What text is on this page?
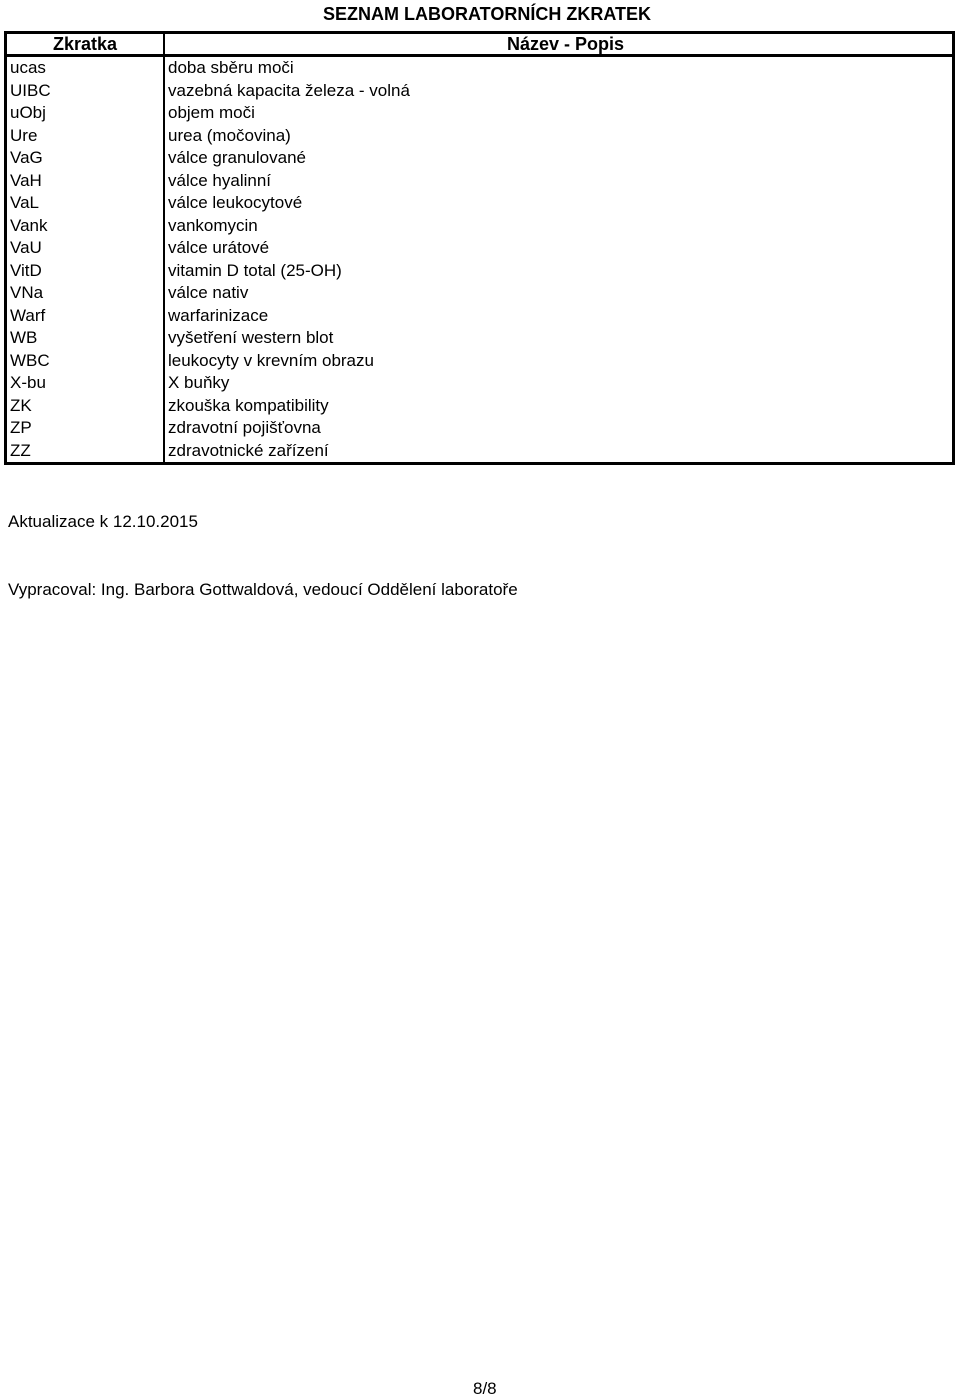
SEZNAM LABORATORNÍCH ZKRATEK
Zkratka	Název - Popis
ucas	doba sběru moči
UIBC	vazebná kapacita železa - volná
uObj	objem moči
Ure	urea (močovina)
VaG	válce granulované
VaH	válce hyalinní
VaL	válce leukocytové
Vank	vankomycin
VaU	válce urátové
VitD	vitamin D total (25-OH)
VNa	válce nativ
Warf	warfarinizace
WB	vyšetření western blot
WBC	leukocyty v krevním obrazu
X-bu	X buňky
ZK	zkouška kompatibility
ZP	zdravotní pojišťovna
ZZ	zdravotnické zařízení
Aktualizace k 12.10.2015
Vypracoval: Ing. Barbora Gottwaldová, vedoucí Oddělení laboratoře
8/8
